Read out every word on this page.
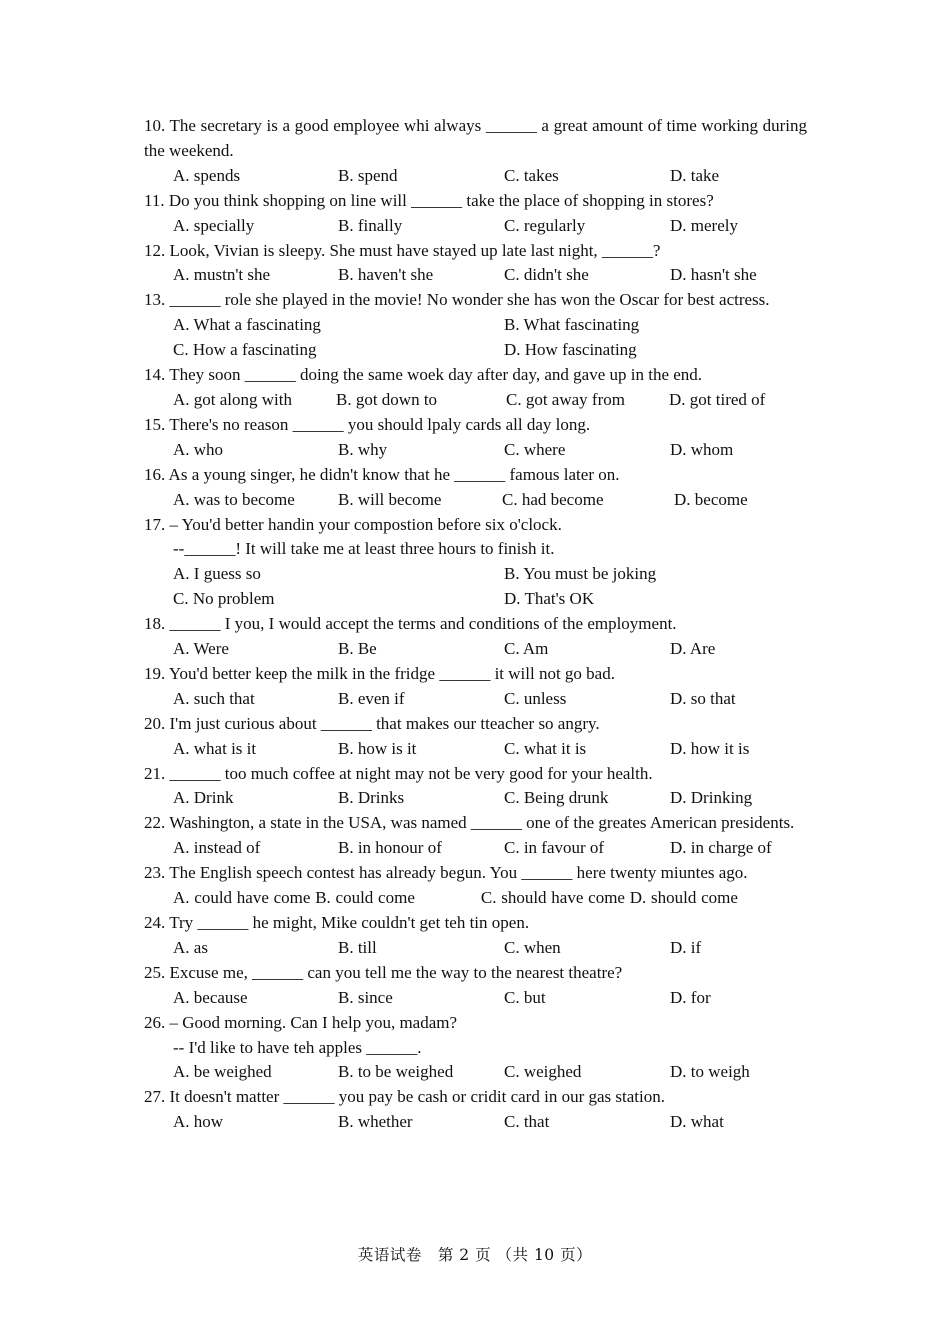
10. The secretary is a good employee whi always ______ a great amount of time working during the weekend.

A. spends	B. spend	C. takes	D. take

11. Do you think shopping on line will ______ take the place of shopping in stores?

A. specially	B. finally	C. regularly	D. merely

12. Look, Vivian is sleepy. She must have stayed up late last night, ______?

A. mustn't she	B. haven't she	C. didn't she	D. hasn't she

13. ______ role she played in the movie! No wonder she has won the Oscar for best actress.

A. What a fascinating	B. What fascinating
C. How a fascinating	D. How fascinating

14. They soon ______ doing the same woek day after day, and gave up in the end.

A. got along with	B. got down to	C. got away from	D. got tired of

15. There's no reason ______ you should lpaly cards all day long.

A. who	B. why	C. where	D. whom

16. As a young singer, he didn't know that he ______ famous later on.

A. was to become	B. will become	C. had become	D. become

17. – You'd better handin your compostion before six o'clock.

--______! It will take me at least three hours to finish it.

A. I guess so	B. You must be joking
C. No problem	D. That's OK

18. ______ I you, I would accept the terms and conditions of the employment.

A. Were	B. Be	C. Am	D. Are

19. You'd better keep the milk in the fridge ______ it will not go bad.

A. such that	B. even if	C. unless	D. so that

20. I'm just curious about ______ that makes our tteacher so angry.

A. what is it	B. how is it	C. what it is	D. how it is

21. ______ too much coffee at night may not be very good for your health.

A. Drink	B. Drinks	C. Being drunk	D. Drinking

22. Washington, a state in the USA, was named ______ one of the greates American presidents.

A. instead of	B. in honour of	C. in favour of	D. in charge of

23. The English speech contest has already begun. You ______ here twenty miuntes ago.

A. could have come B. could come	C. should have come D. should come

24. Try ______ he might, Mike couldn't get teh tin open.

A. as	B. till	C. when	D. if

25. Excuse me, ______ can you tell me the way to the nearest theatre?

A. because	B. since	C. but	D. for

26. – Good morning. Can I help you, madam?

-- I'd like to have teh apples ______.

A. be weighed	B. to be weighed	C. weighed	D. to weigh

27. It doesn't matter ______ you pay be cash or cridit card in our gas station.

A. how	B. whether	C. that	D. what
英语试卷　第 2 页 （共 10 页）
